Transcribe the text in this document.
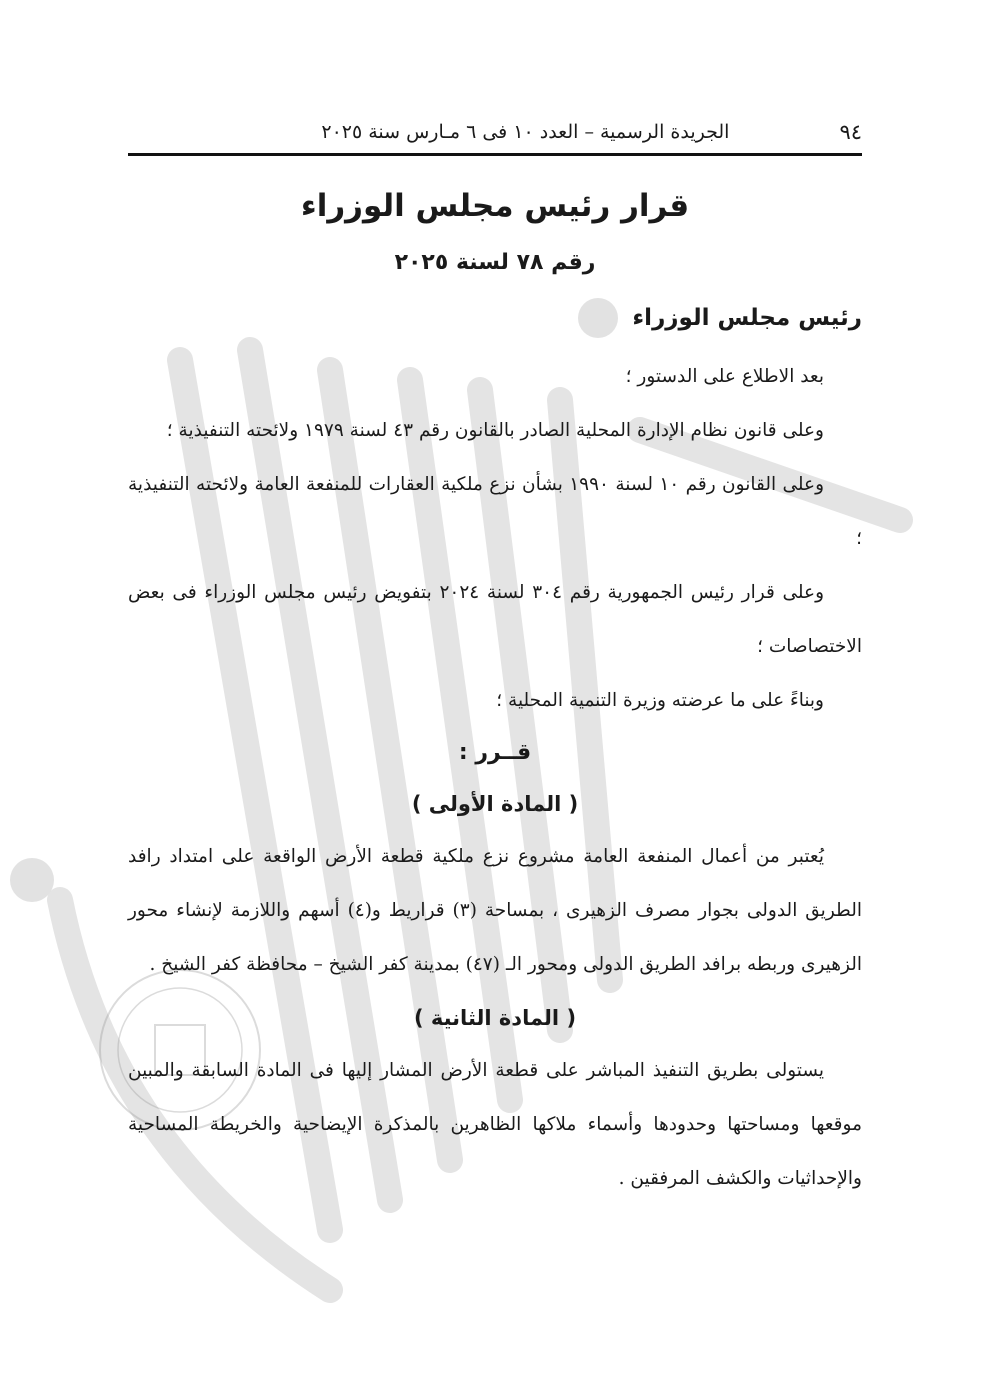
٩٤
الجريدة الرسمية – العدد ١٠ فى ٦ مـارس سنة ٢٠٢٥
قرار رئيس مجلس الوزراء
رقم ٧٨ لسنة ٢٠٢٥
رئيس مجلس الوزراء

بعد الاطلاع على الدستور ؛

وعلى قانون نظام الإدارة المحلية الصادر بالقانون رقم ٤٣ لسنة ١٩٧٩ ولائحته التنفيذية ؛

وعلى القانون رقم ١٠ لسنة ١٩٩٠ بشأن نزع ملكية العقارات للمنفعة العامة ولائحته التنفيذية ؛

وعلى قرار رئيس الجمهورية رقم ٣٠٤ لسنة ٢٠٢٤ بتفويض رئيس مجلس الوزراء فى بعض الاختصاصات ؛

وبناءً على ما عرضته وزيرة التنمية المحلية ؛

قــرر :

( المادة الأولى )

يُعتبر من أعمال المنفعة العامة مشروع نزع ملكية قطعة الأرض الواقعة على امتداد رافد الطريق الدولى بجوار مصرف الزهيرى ، بمساحة (٣) قراريط و(٤) أسهم واللازمة لإنشاء محور الزهيرى وربطه برافد الطريق الدولى ومحور الـ (٤٧) بمدينة كفر الشيخ – محافظة كفر الشيخ .

( المادة الثانية )

يستولى بطريق التنفيذ المباشر على قطعة الأرض المشار إليها فى المادة السابقة والمبين موقعها ومساحتها وحدودها وأسماء ملاكها الظاهرين بالمذكرة الإيضاحية والخريطة المساحية والإحداثيات والكشف المرفقين .
